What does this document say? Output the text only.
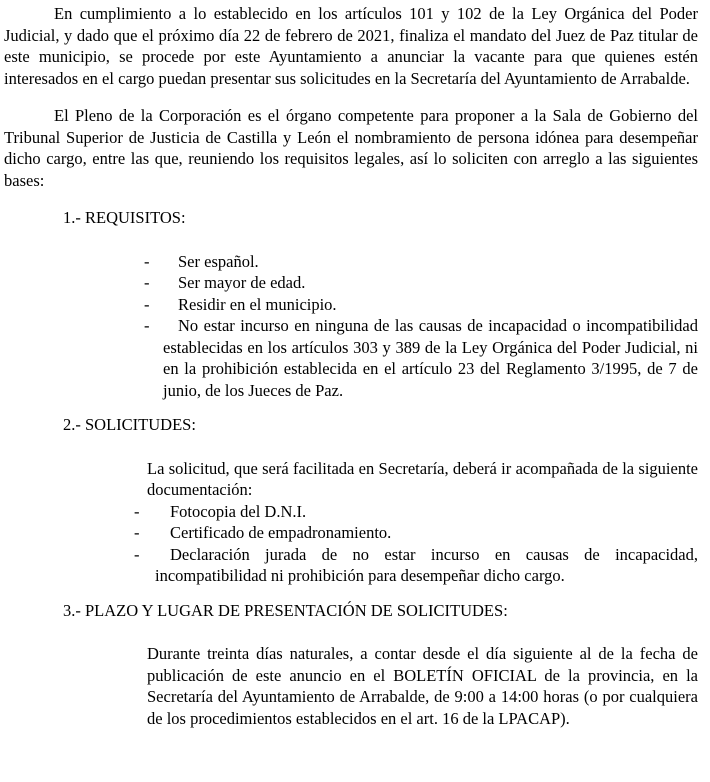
En cumplimiento a lo establecido en los artículos 101 y 102 de la Ley Orgánica del Poder Judicial, y dado que el próximo día 22 de febrero de 2021, finaliza el mandato del Juez de Paz titular de este municipio, se procede por este Ayuntamiento a anunciar la vacante para que quienes estén interesados en el cargo puedan presentar sus solicitudes en la Secretaría del Ayuntamiento de Arrabalde.

El Pleno de la Corporación es el órgano competente para proponer a la Sala de Gobierno del Tribunal Superior de Justicia de Castilla y León el nombramiento de persona idónea para desempeñar dicho cargo, entre las que, reuniendo los requisitos legales, así lo soliciten con arreglo a las siguientes bases:

1.- REQUISITOS:
- Ser español.
- Ser mayor de edad.
- Residir en el municipio.
- No estar incurso en ninguna de las causas de incapacidad o incompatibilidad establecidas en los artículos 303 y 389 de la Ley Orgánica del Poder Judicial, ni en la prohibición establecida en el artículo 23 del Reglamento 3/1995, de 7 de junio, de los Jueces de Paz.
2.- SOLICITUDES:

La solicitud, que será facilitada en Secretaría, deberá ir acompañada de la siguiente documentación:

- Fotocopia del D.N.I.
- Certificado de empadronamiento.
- Declaración jurada de no estar incurso en causas de incapacidad, incompatibilidad ni prohibición para desempeñar dicho cargo.
3.- PLAZO Y LUGAR DE PRESENTACIÓN DE SOLICITUDES:

Durante treinta días naturales, a contar desde el día siguiente al de la fecha de publicación de este anuncio en el BOLETÍN OFICIAL de la provincia, en la Secretaría del Ayuntamiento de Arrabalde, de 9:00 a 14:00 horas (o por cualquiera de los procedimientos establecidos en el art. 16 de la LPACAP).
